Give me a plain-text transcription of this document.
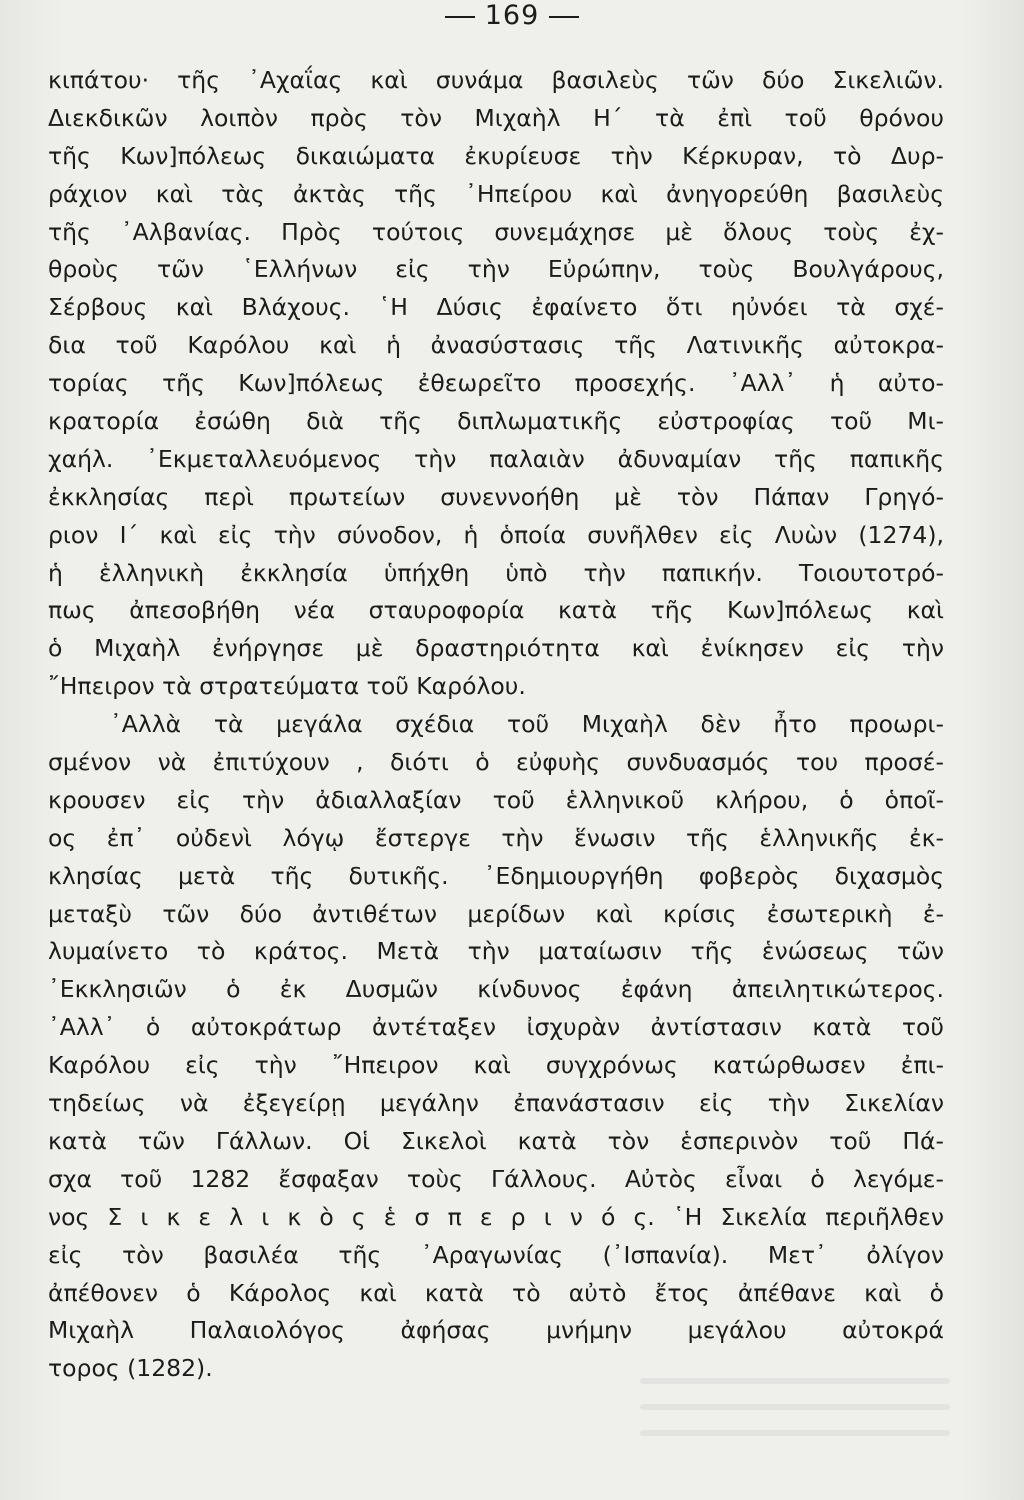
169
κιπάτου· τῆς ᾿Αχαΐας καὶ συνάμα βασιλεὺς τῶν δύο Σικελιῶν.
Διεκδικῶν λοιπὸν πρὸς τὸν Μιχαὴλ Η΄ τὰ ἐπὶ τοῦ θρόνου
τῆς Κων]πόλεως δικαιώματα ἐκυρίευσε τὴν Κέρκυραν, τὸ Δυρ-
ράχιον καὶ τὰς ἀκτὰς τῆς ᾿Ηπείρου καὶ ἀνηγορεύθη βασιλεὺς
τῆς ᾿Αλβανίας. Πρὸς τούτοις συνεμάχησε μὲ ὅλους τοὺς ἐχ-
θροὺς τῶν ῾Ελλήνων εἰς τὴν Εὐρώπην, τοὺς Βουλγάρους,
Σέρβους καὶ Βλάχους. ῾Η Δύσις ἐφαίνετο ὅτι ηὐνόει τὰ σχέ-
δια τοῦ Καρόλου καὶ ἡ ἀνασύστασις τῆς Λατινικῆς αὐτοκρα-
τορίας τῆς Κων]πόλεως ἐθεωρεῖτο προσεχής. ᾿Αλλ᾿ ἡ αὐτο-
κρατορία ἐσώθη διὰ τῆς διπλωματικῆς εὐστροφίας τοῦ Μι-
χαήλ. ᾿Εκμεταλλευόμενος τὴν παλαιὰν ἀδυναμίαν τῆς παπικῆς
ἐκκλησίας περὶ πρωτείων συνεννοήθη μὲ τὸν Πάπαν Γρηγό-
ριον Ι΄ καὶ εἰς τὴν σύνοδον, ἡ ὁποία συνῆλθεν εἰς Λυὼν (1274),
ἡ ἑλληνικὴ ἐκκλησία ὑπήχθη ὑπὸ τὴν παπικήν. Τοιουτοτρό-
πως ἀπεσοβήθη νέα σταυροφορία κατὰ τῆς Κων]πόλεως καὶ
ὁ Μιχαὴλ ἐνήργησε μὲ δραστηριότητα καὶ ἐνίκησεν εἰς τὴν
῎Ηπειρον τὰ στρατεύματα τοῦ Καρόλου.
᾿Αλλὰ τὰ μεγάλα σχέδια τοῦ Μιχαὴλ δὲν ἦτο προωρι-
σμένον νὰ ἐπιτύχουν , διότι ὁ εὐφυὴς συνδυασμός του προσέ-
κρουσεν εἰς τὴν ἀδιαλλαξίαν τοῦ ἑλληνικοῦ κλήρου, ὁ ὁποῖ-
ος ἐπ᾿ οὐδενὶ λόγῳ ἔστεργε τὴν ἕνωσιν τῆς ἑλληνικῆς ἐκ-
κλησίας μετὰ τῆς δυτικῆς. ᾿Εδημιουργήθη φοβερὸς διχασμὸς
μεταξὺ τῶν δύο ἀντιθέτων μερίδων καὶ κρίσις ἐσωτερικὴ ἐ-
λυμαίνετο τὸ κράτος. Μετὰ τὴν ματαίωσιν τῆς ἑνώσεως τῶν
᾿Εκκλησιῶν ὁ ἐκ Δυσμῶν κίνδυνος ἐφάνη ἀπειλητικώτερος.
᾿Αλλ᾿ ὁ αὐτοκράτωρ ἀντέταξεν ἰσχυρὰν ἀντίστασιν κατὰ τοῦ
Καρόλου εἰς τὴν ῎Ηπειρον καὶ συγχρόνως κατώρθωσεν ἐπι-
τηδείως νὰ ἐξεγείρῃ μεγάλην ἐπανάστασιν εἰς τὴν Σικελίαν
κατὰ τῶν Γάλλων. Οἱ Σικελοὶ κατὰ τὸν ἑσπερινὸν τοῦ Πά-
σχα τοῦ 1282 ἔσφαξαν τοὺς Γάλλους. Αὐτὸς εἶναι ὁ λεγόμε-
νος Σ ι κ ε λ ι κ ὸ ς ἑ σ π ε ρ ι ν ό ς. ῾Η Σικελία περιῆλθεν
εἰς τὸν βασιλέα τῆς ᾿Αραγωνίας (᾿Ισπανία). Μετ᾿ ὀλίγον
ἀπέθονεν ὁ Κάρολος καὶ κατὰ τὸ αὐτὸ ἔτος ἀπέθανε καὶ ὁ
Μιχαὴλ Παλαιολόγος ἀφήσας μνήμην μεγάλου αὐτοκρά
τορος (1282).
